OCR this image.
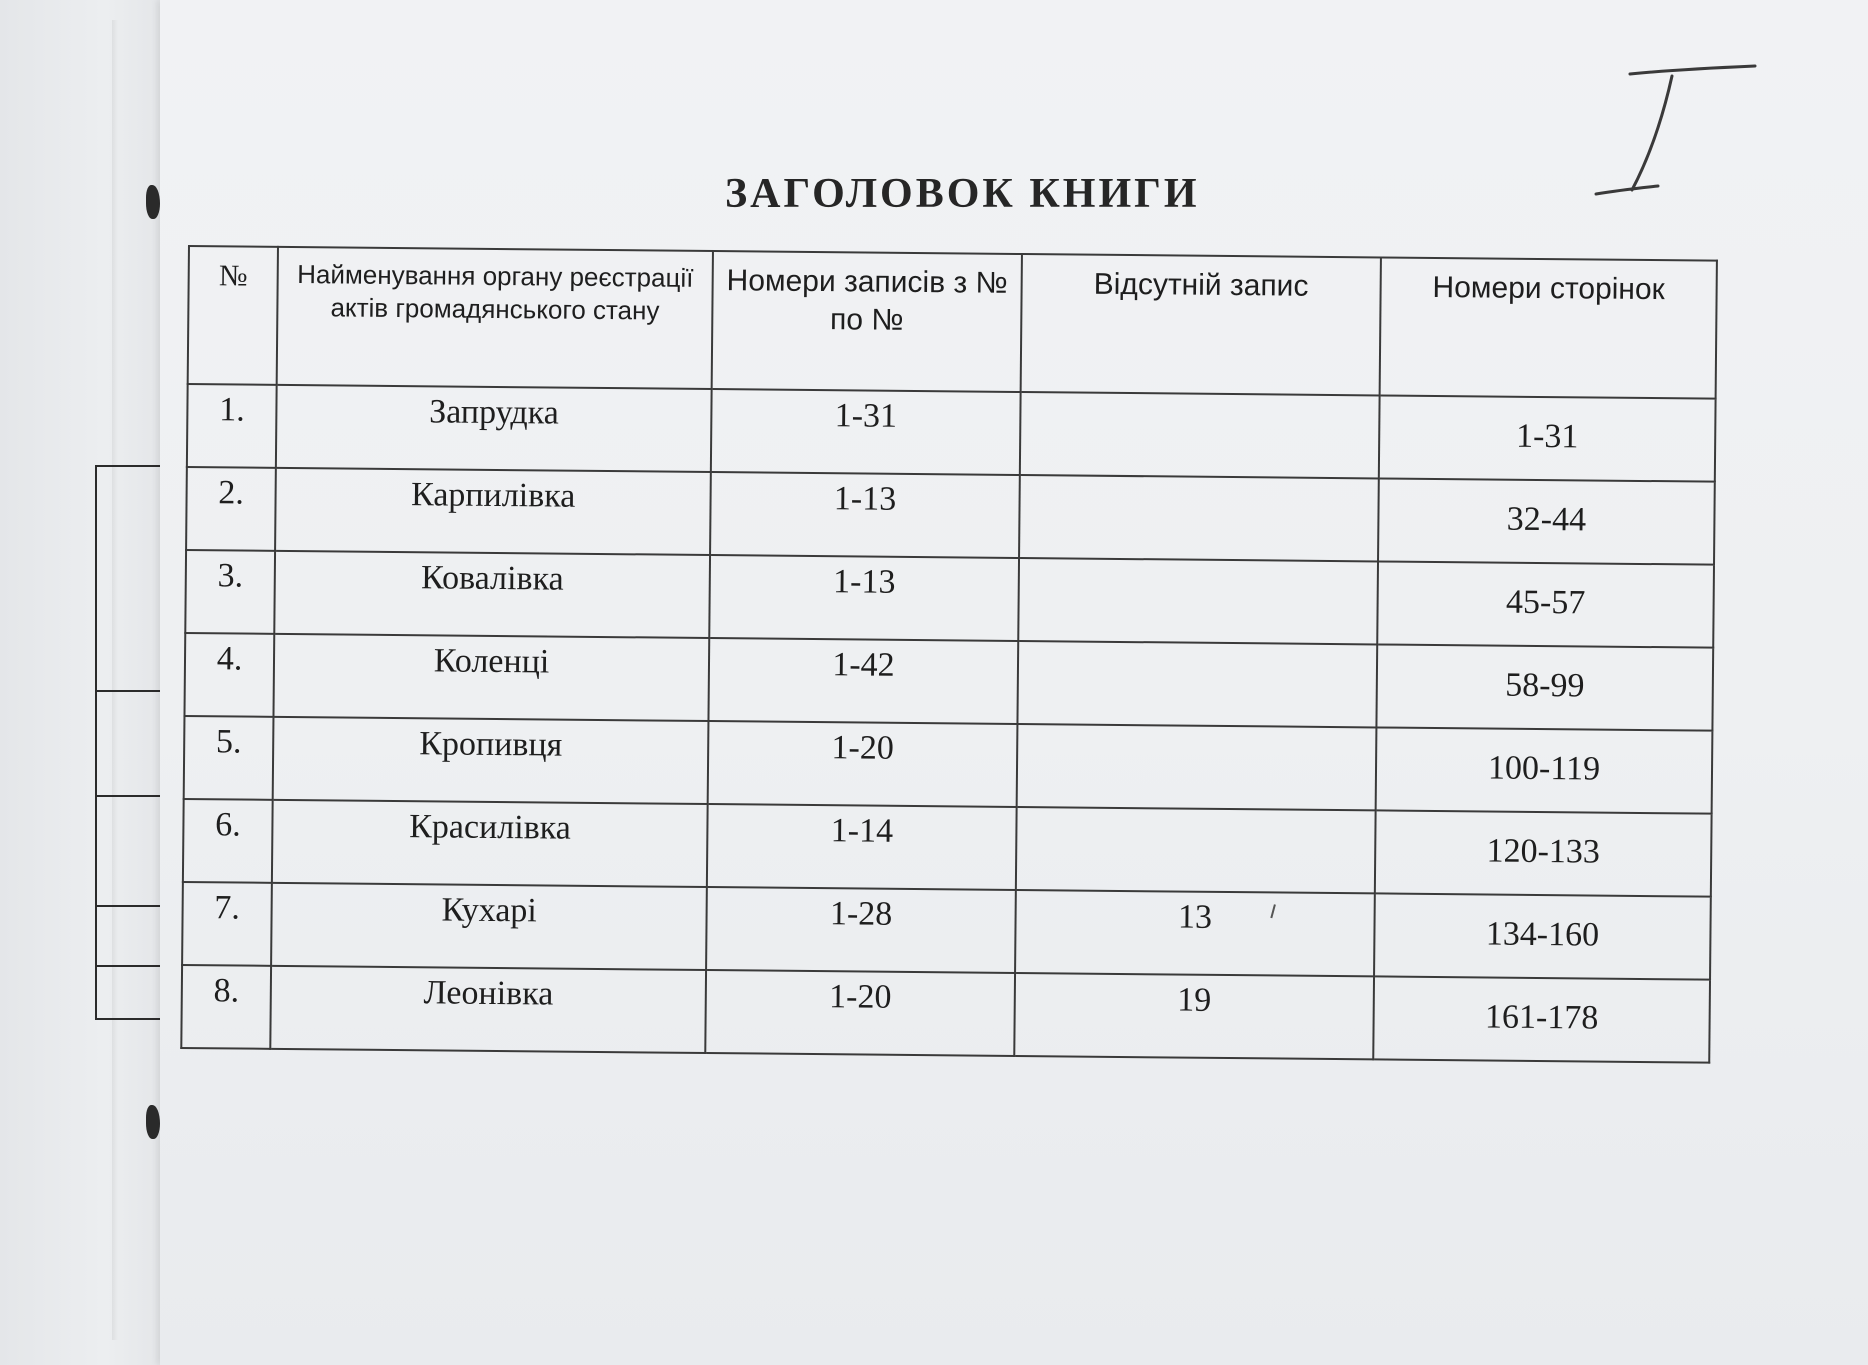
ЗАГОЛОВОК КНИГИ
№	Найменування органу реєстрації актів громадянського стану	Номери записів з № по №	Відсутній запис	Номери сторінок
1.	Запрудка	1-31		1-31
2.	Карпилівка	1-13		32-44
3.	Ковалівка	1-13		45-57
4.	Коленці	1-42		58-99
5.	Кропивця	1-20		100-119
6.	Красилівка	1-14		120-133
7.	Кухарі	1-28	13	134-160
8.	Леонівка	1-20	19	161-178
